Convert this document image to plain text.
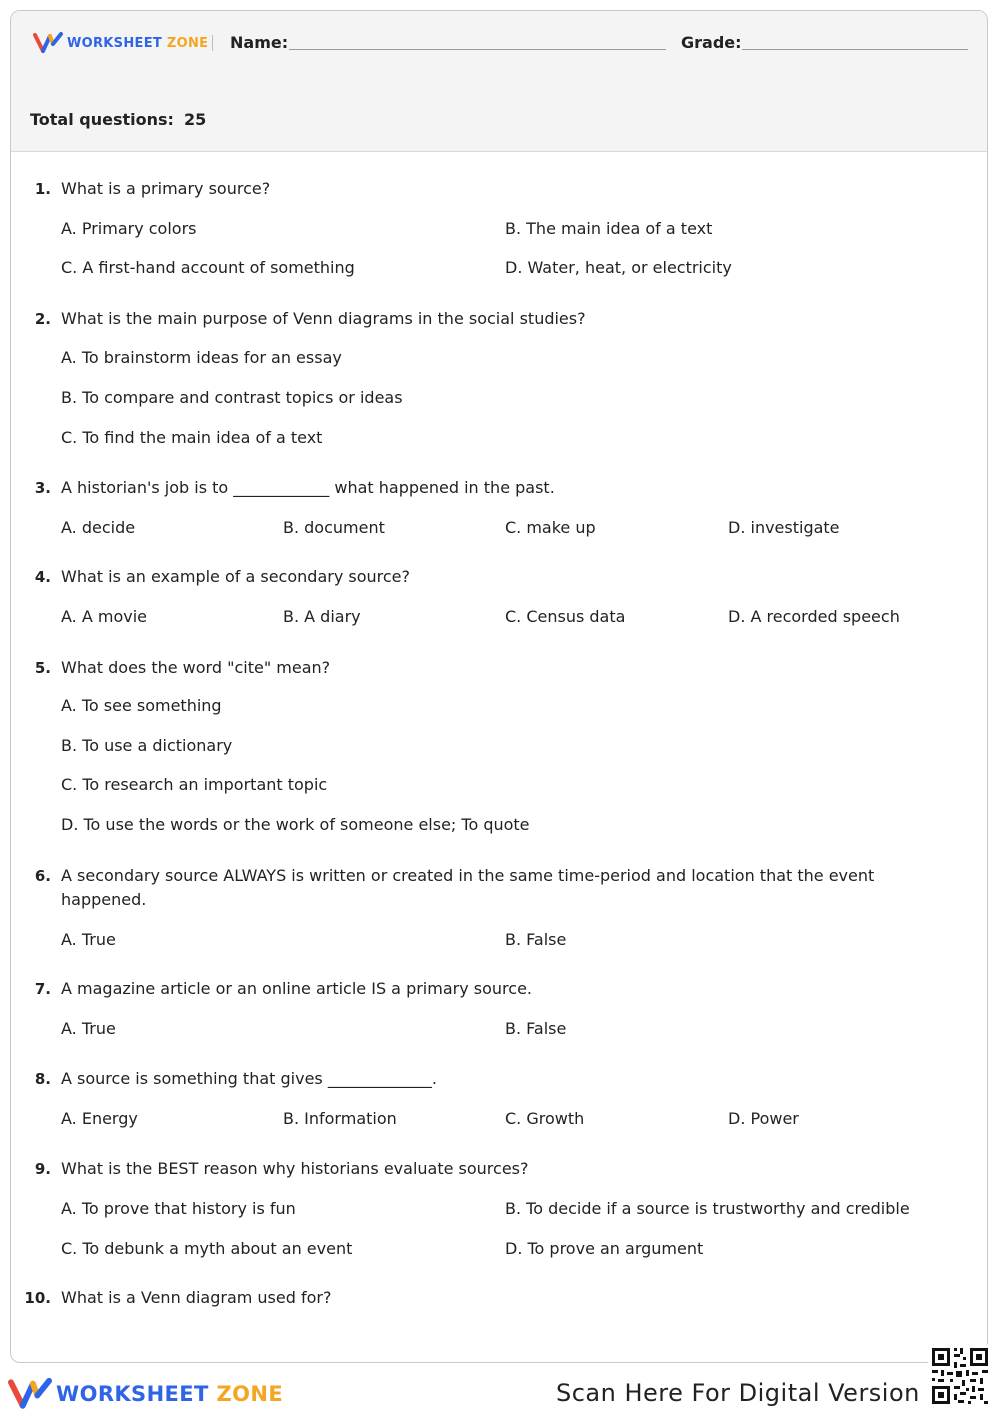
WORKSHEET ZONE Name:	Grade:
Total questions: 25
1. What is a primary source?
A. Primary colors	B. The main idea of a text
C. A first-hand account of something	D. Water, heat, or electricity
2. What is the main purpose of Venn diagrams in the social studies?
A. To brainstorm ideas for an essay
B. To compare and contrast topics or ideas
C. To find the main idea of a text
3. A historian's job is to ____________ what happened in the past.
A. decide	B. document	C. make up	D. investigate
4. What is an example of a secondary source?
A. A movie	B. A diary	C. Census data	D. A recorded speech
5. What does the word "cite" mean?
A. To see something
B. To use a dictionary
C. To research an important topic
D. To use the words or the work of someone else; To quote
6. A secondary source ALWAYS is written or created in the same time-period and location that the event happened.
A. True	B. False
7. A magazine article or an online article IS a primary source.
A. True	B. False
8. A source is something that gives _____________.
A. Energy	B. Information	C. Growth	D. Power
9. What is the BEST reason why historians evaluate sources?
A. To prove that history is fun	B. To decide if a source is trustworthy and credible
C. To debunk a myth about an event	D. To prove an argument
10. What is a Venn diagram used for?
WORKSHEET ZONE	Scan Here For Digital Version
